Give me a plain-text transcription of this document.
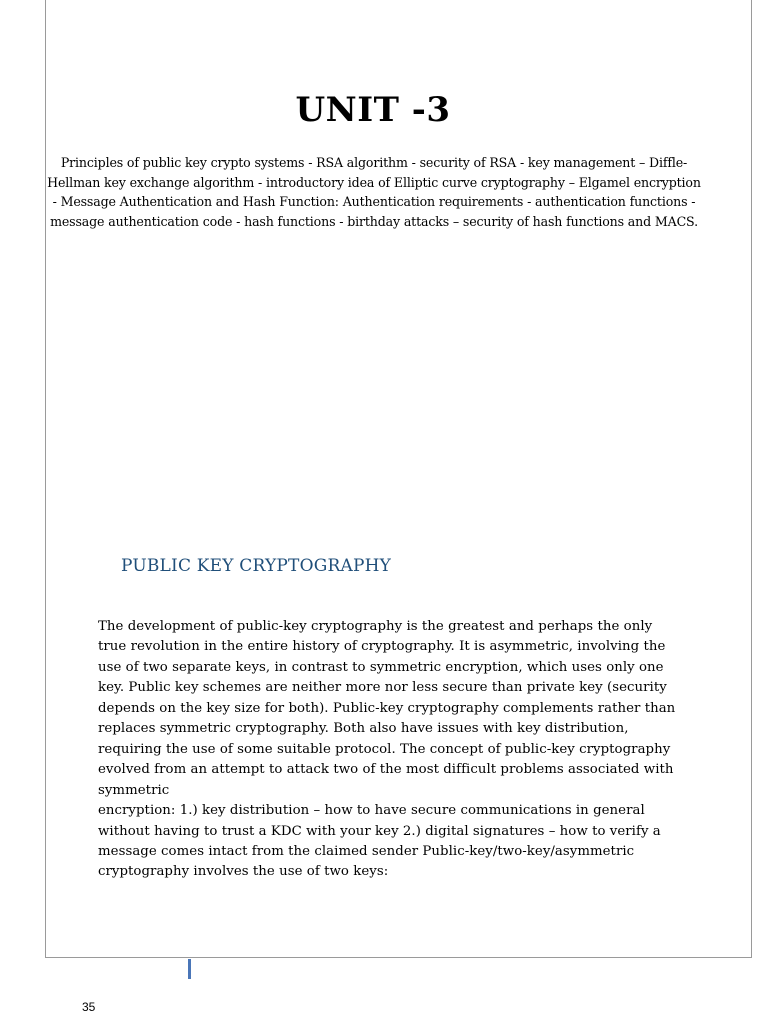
UNIT -3
Principles of public key crypto systems - RSA algorithm - security of RSA - key management – Diffle-
Hellman key exchange algorithm - introductory idea of Elliptic curve cryptography – Elgamel encryption
- Message Authentication and Hash Function: Authentication requirements - authentication functions -
message authentication code - hash functions - birthday attacks – security of hash functions and MACS.
PUBLIC KEY CRYPTOGRAPHY
The development of public-key cryptography is the greatest and perhaps the only
true revolution in the entire history of cryptography. It is asymmetric, involving the
use of two separate keys, in contrast to symmetric encryption, which uses only one
key. Public key schemes are neither more nor less secure than private key (security
depends on the key size for both). Public-key cryptography complements rather than
replaces symmetric cryptography. Both also have issues with key distribution,
requiring the use of some suitable protocol. The concept of public-key cryptography
evolved from an attempt to attack two of the most difficult problems associated with
symmetric
encryption: 1.) key distribution – how to have secure communications in general
without having to trust a KDC with your key 2.) digital signatures – how to verify a
message comes intact from the claimed sender Public-key/two-key/asymmetric
cryptography involves the use of two keys:
35
